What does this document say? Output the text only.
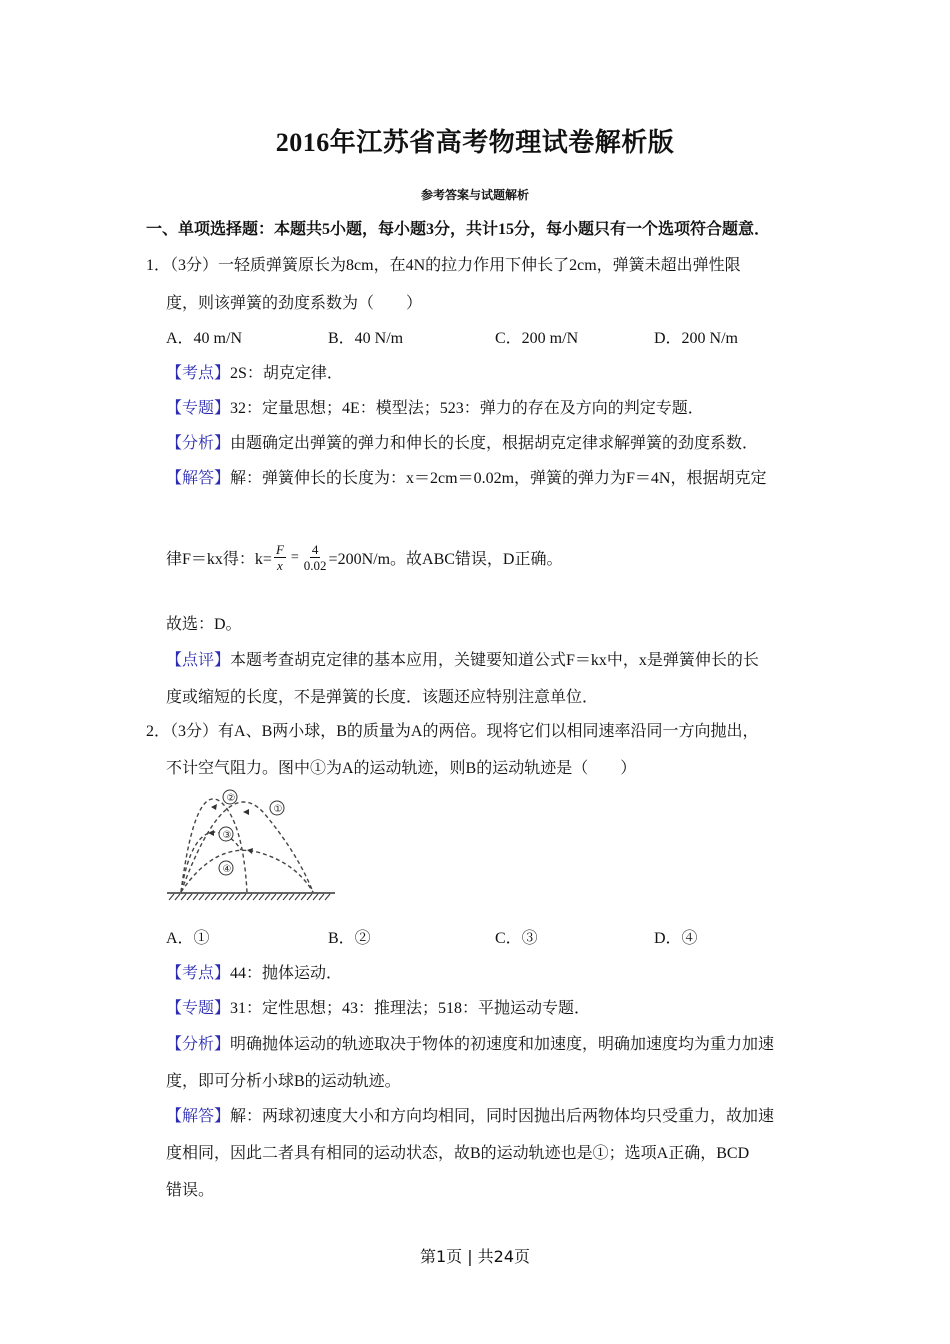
2016年江苏省高考物理试卷解析版
参考答案与试题解析
一、单项选择题：本题共5小题，每小题3分，共计15分，每小题只有一个选项符合题意．
1．（3分）一轻质弹簧原长为8cm，在4N的拉力作用下伸长了2cm，弹簧未超出弹性限
度，则该弹簧的劲度系数为（　　）
A．40 m/N	B．40 N/m	C．200 m/N	D．200 N/m
【考点】2S：胡克定律．
【专题】32：定量思想；4E：模型法；523：弹力的存在及方向的判定专题．
【分析】由题确定出弹簧的弹力和伸长的长度，根据胡克定律求解弹簧的劲度系数．
【解答】解：弹簧伸长的长度为：x＝2cm＝0.02m，弹簧的弹力为F＝4N，根据胡克定
律F＝kx得：$k= \frac{F}{x} = \frac{4}{0.02} =200N/m$。故ABC错误，D正确。
故选：D。
【点评】本题考查胡克定律的基本应用，关键要知道公式F＝kx中，x是弹簧伸长的长
度或缩短的长度，不是弹簧的长度．该题还应特别注意单位．
2．（3分）有A、B两小球，B的质量为A的两倍。现将它们以相同速率沿同一方向抛出，
不计空气阻力。图中①为A的运动轨迹，则B的运动轨迹是（　　）
②
①
③
④
A．①	B．②	C．③	D．④
【考点】44：抛体运动．
【专题】31：定性思想；43：推理法；518：平抛运动专题．
【分析】明确抛体运动的轨迹取决于物体的初速度和加速度，明确加速度均为重力加速
度，即可分析小球B的运动轨迹。
【解答】解：两球初速度大小和方向均相同，同时因抛出后两物体均只受重力，故加速
度相同，因此二者具有相同的运动状态，故B的运动轨迹也是①；选项A正确，BCD
错误。
第1页 | 共24页
